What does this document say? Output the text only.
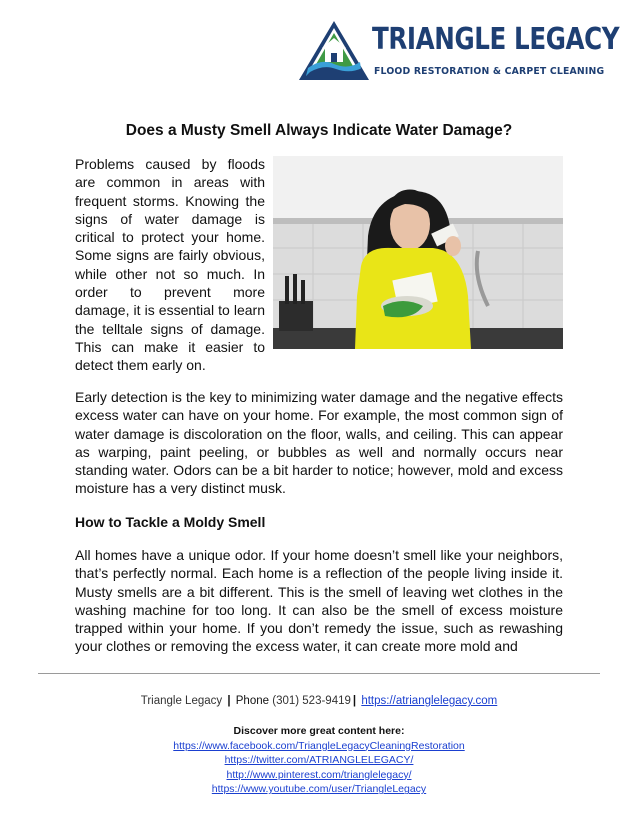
TRIANGLE LEGACY
FLOOD RESTORATION & CARPET CLEANING
Does a Musty Smell Always Indicate Water Damage?

Problems caused by floods are common in areas with frequent storms. Knowing the signs of water damage is critical to protect your home. Some signs are fairly obvious, while other not so much. In order to prevent more damage, it is essential to learn the telltale signs of damage. This can make it easier to detect them early on.

Early detection is the key to minimizing water damage and the negative effects excess water can have on your home. For example, the most common sign of water damage is discoloration on the floor, walls, and ceiling. This can appear as warping, paint peeling, or bubbles as well and normally occurs near standing water. Odors can be a bit harder to notice; however, mold and excess moisture has a very distinct musk.

How to Tackle a Moldy Smell

All homes have a unique odor. If your home doesn’t smell like your neighbors, that’s perfectly normal. Each home is a reflection of the people living inside it. Musty smells are a bit different. This is the smell of leaving wet clothes in the washing machine for too long. It can also be the smell of excess moisture trapped within your home. If you don’t remedy the issue, such as rewashing your clothes or removing the excess water, it can create more mold and

Triangle Legacy | Phone (301) 523-9419 | https://atrianglelegacy.com
Discover more great content here:
https://www.facebook.com/TriangleLegacyCleaningRestoration
https://twitter.com/ATRIANGLELEGACY/
http://www.pinterest.com/trianglelegacy/
https://www.youtube.com/user/TriangleLegacy
